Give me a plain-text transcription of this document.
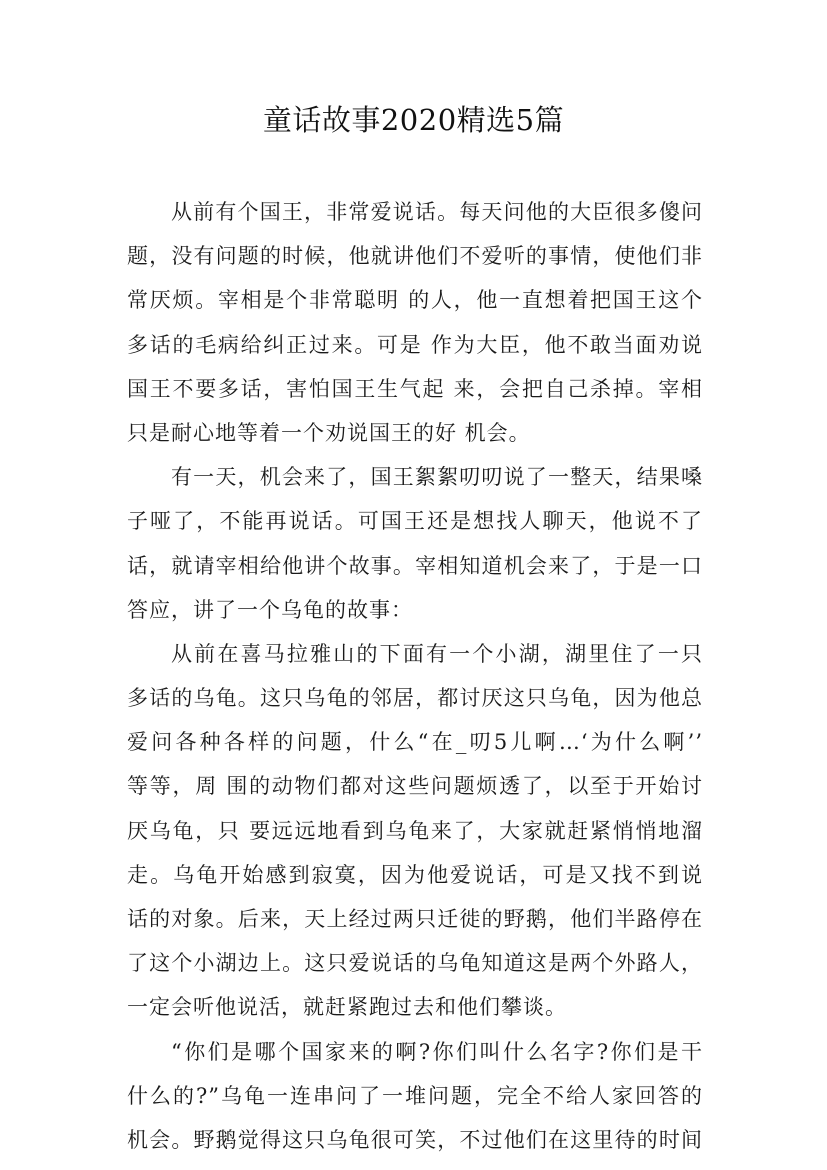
童话故事2020精选5篇
从前有个国王，非常爱说话。每天问他的大臣很多傻问
题，没有问题的时候，他就讲他们不爱听的事情，使他们非
常厌烦。宰相是个非常聪明 的人，他一直想着把国王这个
多话的毛病给纠正过来。可是 作为大臣，他不敢当面劝说
国王不要多话，害怕国王生气起 来，会把自己杀掉。宰相
只是耐心地等着一个劝说国王的好 机会。
有一天，机会来了，国王絮絮叨叨说了一整天，结果嗓
子哑了，不能再说话。可国王还是想找人聊天，他说不了
话，就请宰相给他讲个故事。宰相知道机会来了，于是一口
答应，讲了一个乌龟的故事：
从前在喜马拉雅山的下面有一个小湖，湖里住了一只
多话的乌龟。这只乌龟的邻居，都讨厌这只乌龟，因为他总
爱问各种各样的问题，什么“在_叨5儿啊…‘为什么啊’’
等等，周 围的动物们都对这些问题烦透了，以至于开始讨
厌乌龟，只 要远远地看到乌龟来了，大家就赶紧悄悄地溜
走。乌龟开始感到寂寞，因为他爱说话，可是又找不到说
话的对象。后来，天上经过两只迁徙的野鹅，他们半路停在
了这个小湖边上。这只爱说话的乌龟知道这是两个外路人，
一定会听他说活，就赶紧跑过去和他们攀谈。
“你们是哪个国家来的啊?你们叫什么名字?你们是干
什么的?”乌龟一连串问了一堆问题，完全不给人家回答的
机会。野鹅觉得这只乌龟很可笑，不过他们在这里待的时间
